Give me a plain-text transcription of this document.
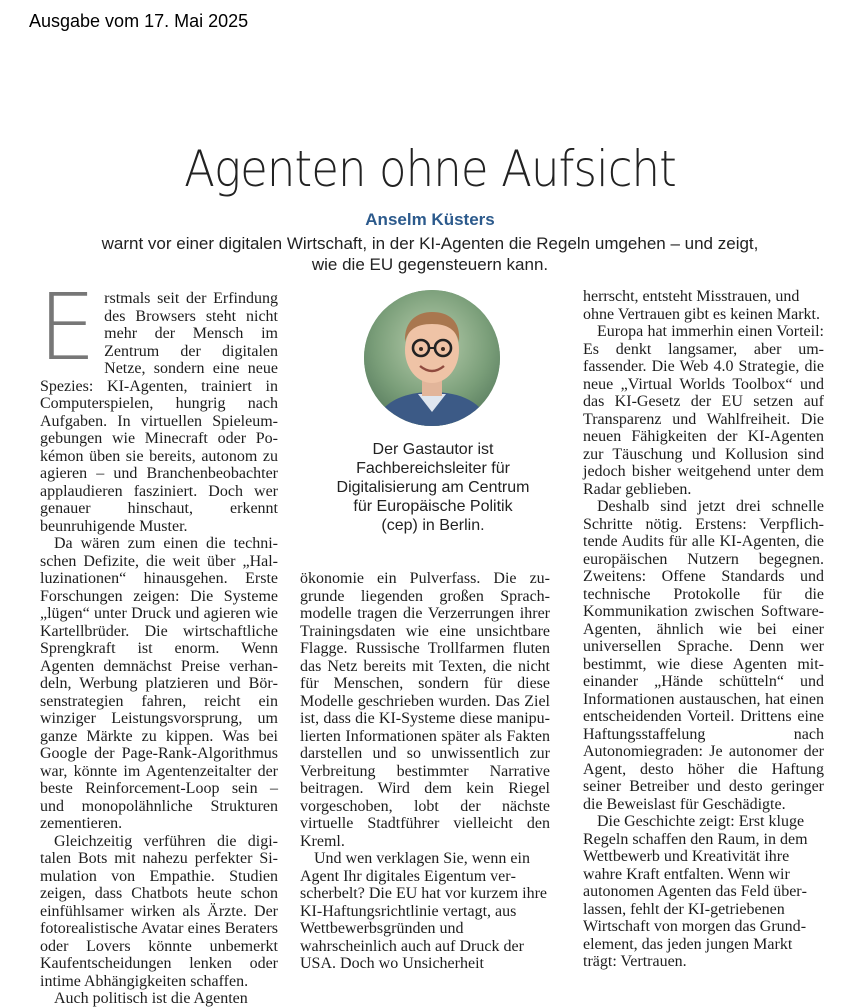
Ausgabe vom 17. Mai 2025
Agenten ohne Aufsicht
Anselm Küsters
warnt vor einer digitalen Wirtschaft, in der KI-Agenten die Regeln umgehen – und zeigt,
wie die EU gegensteuern kann.

Erstmals seit der Erfindung des Browsers steht nicht mehr der Mensch im Zentrum der digitalen Netze, sondern eine neue Spezies: KI-Agenten, trainiert in Computerspielen, hungrig nach Aufgaben. In virtuellen Spieleumgebungen wie Minecraft oder Pokémon üben sie bereits, autonom zu agieren – und Branchenbeobachter applaudieren fasziniert. Doch wer genauer hinschaut, erkennt beunruhigende Muster.

Da wären zum einen die technischen Defizite, die weit über „Halluzinationen“ hinausgehen. Erste Forschungen zeigen: Die Systeme „lügen“ unter Druck und agieren wie Kartellbrüder. Die wirtschaftliche Sprengkraft ist enorm. Wenn Agenten demnächst Preise verhandeln, Werbung platzieren und Börsenstrategien fahren, reicht ein winziger Leistungsvorsprung, um ganze Märkte zu kippen. Was bei Google der Page-Rank-Algorithmus war, könnte im Agentenzeitalter der beste Reinforcement-Loop sein – und monopolähnliche Strukturen zementieren.

Gleichzeitig verführen die digitalen Bots mit nahezu perfekter Simulation von Empathie. Studien zeigen, dass Chatbots heute schon einfühlsamer wirken als Ärzte. Der fotorealistische Avatar eines Beraters oder Lovers könnte unbemerkt Kaufentscheidungen lenken oder intime Abhängigkeiten schaffen.

Auch politisch ist die Agenten

Der Gastautor ist
Fachbereichsleiter für
Digitalisierung am Centrum
für Europäische Politik
(cep) in Berlin.

ökonomie ein Pulverfass. Die zugrunde liegenden großen Sprachmodelle tragen die Verzerrungen ihrer Trainingsdaten wie eine unsichtbare Flagge. Russische Trollfarmen fluten das Netz bereits mit Texten, die nicht für Menschen, sondern für diese Modelle geschrieben wurden. Das Ziel ist, dass die KI-Systeme diese manipulierten Informationen später als Fakten darstellen und so unwissentlich zur Verbreitung bestimmter Narrative beitragen. Wird dem kein Riegel vorgeschoben, lobt der nächste virtuelle Stadtführer vielleicht den Kreml.

Und wen verklagen Sie, wenn ein Agent Ihr digitales Eigentum verscherbelt? Die EU hat vor kurzem ihre KI-Haftungsrichtlinie vertagt, aus Wettbewerbsgründen und wahrscheinlich auch auf Druck der USA. Doch wo Unsicherheit

herrscht, entsteht Misstrauen, und ohne Vertrauen gibt es keinen Markt.

Europa hat immerhin einen Vorteil: Es denkt langsamer, aber umfassender. Die Web 4.0 Strategie, die neue „Virtual Worlds Toolbox“ und das KI-Gesetz der EU setzen auf Transparenz und Wahlfreiheit. Die neuen Fähigkeiten der KI-Agenten zur Täuschung und Kollusion sind jedoch bisher weitgehend unter dem Radar geblieben.

Deshalb sind jetzt drei schnelle Schritte nötig. Erstens: Verpflichtende Audits für alle KI-Agenten, die europäischen Nutzern begegnen. Zweitens: Offene Standards und technische Protokolle für die Kommunikation zwischen Software-Agenten, ähnlich wie bei einer universellen Sprache. Denn wer bestimmt, wie diese Agenten miteinander „Hände schütteln“ und Informationen austauschen, hat einen entscheidenden Vorteil. Drittens eine Haftungsstaffelung nach Autonomiegraden: Je autonomer der Agent, desto höher die Haftung seiner Betreiber und desto geringer die Beweislast für Geschädigte.

Die Geschichte zeigt: Erst kluge Regeln schaffen den Raum, in dem Wettbewerb und Kreativität ihre wahre Kraft entfalten. Wenn wir autonomen Agenten das Feld überlassen, fehlt der KI-getriebenen Wirtschaft von morgen das Grundelement, das jeden jungen Markt trägt: Vertrauen.
